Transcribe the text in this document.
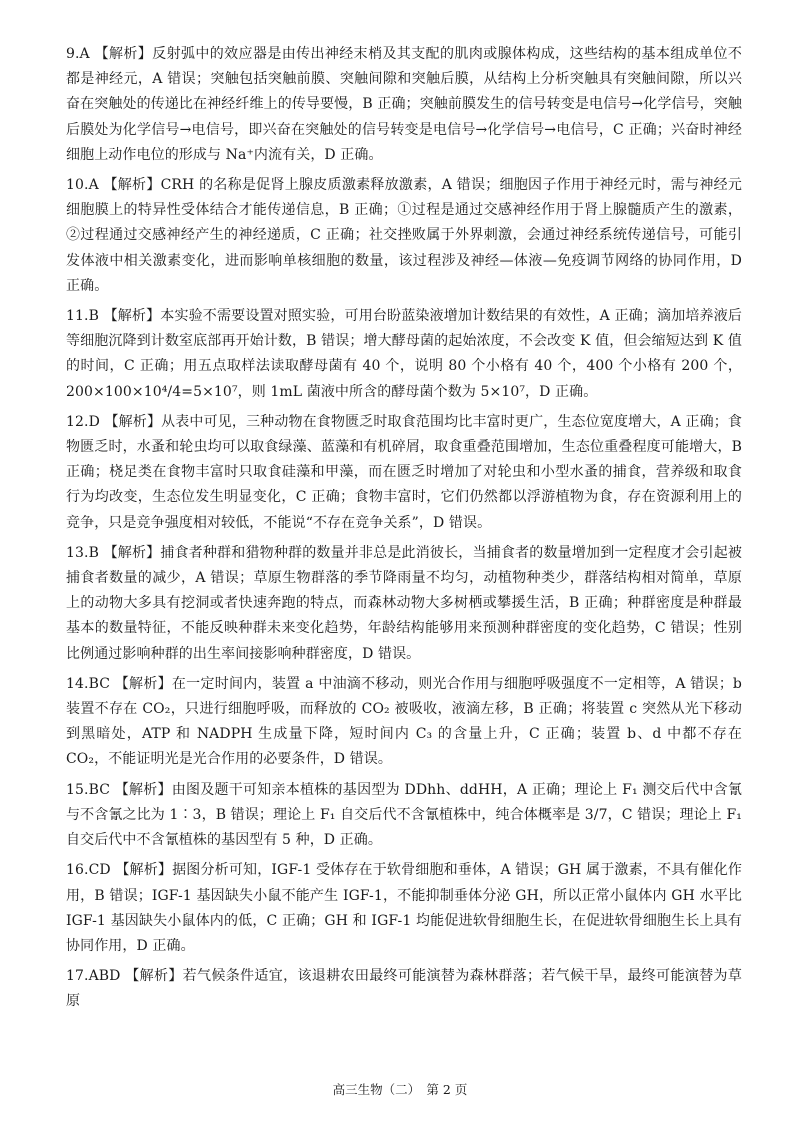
9.A 【解析】反射弧中的效应器是由传出神经末梢及其支配的肌肉或腺体构成，这些结构的基本组成单位不都是神经元，A 错误；突触包括突触前膜、突触间隙和突触后膜，从结构上分析突触具有突触间隙，所以兴奋在突触处的传递比在神经纤维上的传导要慢，B 正确；突触前膜发生的信号转变是电信号→化学信号，突触后膜处为化学信号→电信号，即兴奋在突触处的信号转变是电信号→化学信号→电信号，C 正确；兴奋时神经细胞上动作电位的形成与 Na⁺内流有关，D 正确。

10.A 【解析】CRH 的名称是促肾上腺皮质激素释放激素，A 错误；细胞因子作用于神经元时，需与神经元细胞膜上的特异性受体结合才能传递信息，B 正确；①过程是通过交感神经作用于肾上腺髓质产生的激素，②过程通过交感神经产生的神经递质，C 正确；社交挫败属于外界刺激，会通过神经系统传递信号，可能引发体液中相关激素变化，进而影响单核细胞的数量，该过程涉及神经—体液—免疫调节网络的协同作用，D 正确。

11.B 【解析】本实验不需要设置对照实验，可用台盼蓝染液增加计数结果的有效性，A 正确；滴加培养液后等细胞沉降到计数室底部再开始计数，B 错误；增大酵母菌的起始浓度，不会改变 K 值，但会缩短达到 K 值的时间，C 正确；用五点取样法读取酵母菌有 40 个，说明 80 个小格有 40 个，400 个小格有 200 个，200×100×10⁴/4=5×10⁷，则 1mL 菌液中所含的酵母菌个数为 5×10⁷，D 正确。

12.D 【解析】从表中可见，三种动物在食物匮乏时取食范围均比丰富时更广，生态位宽度增大，A 正确；食物匮乏时，水蚤和轮虫均可以取食绿藻、蓝藻和有机碎屑，取食重叠范围增加，生态位重叠程度可能增大，B 正确；桡足类在食物丰富时只取食硅藻和甲藻，而在匮乏时增加了对轮虫和小型水蚤的捕食，营养级和取食行为均改变，生态位发生明显变化，C 正确；食物丰富时，它们仍然都以浮游植物为食，存在资源利用上的竞争，只是竞争强度相对较低，不能说“不存在竞争关系”，D 错误。

13.B 【解析】捕食者种群和猎物种群的数量并非总是此消彼长，当捕食者的数量增加到一定程度才会引起被捕食者数量的减少，A 错误；草原生物群落的季节降雨量不均匀，动植物种类少，群落结构相对简单，草原上的动物大多具有挖洞或者快速奔跑的特点，而森林动物大多树栖或攀援生活，B 正确；种群密度是种群最基本的数量特征，不能反映种群未来变化趋势，年龄结构能够用来预测种群密度的变化趋势，C 错误；性别比例通过影响种群的出生率间接影响种群密度，D 错误。

14.BC 【解析】在一定时间内，装置 a 中油滴不移动，则光合作用与细胞呼吸强度不一定相等，A 错误；b 装置不存在 CO₂，只进行细胞呼吸，而释放的 CO₂ 被吸收，液滴左移，B 正确；将装置 c 突然从光下移动到黑暗处，ATP 和 NADPH 生成量下降，短时间内 C₃ 的含量上升，C 正确；装置 b、d 中都不存在 CO₂，不能证明光是光合作用的必要条件，D 错误。

15.BC 【解析】由图及题干可知亲本植株的基因型为 DDhh、ddHH，A 正确；理论上 F₁ 测交后代中含氰与不含氰之比为 1∶3，B 错误；理论上 F₁ 自交后代不含氰植株中，纯合体概率是 3/7，C 错误；理论上 F₁ 自交后代中不含氰植株的基因型有 5 种，D 正确。

16.CD 【解析】据图分析可知，IGF-1 受体存在于软骨细胞和垂体，A 错误；GH 属于激素，不具有催化作用，B 错误；IGF-1 基因缺失小鼠不能产生 IGF-1，不能抑制垂体分泌 GH，所以正常小鼠体内 GH 水平比 IGF-1 基因缺失小鼠体内的低，C 正确；GH 和 IGF-1 均能促进软骨细胞生长，在促进软骨细胞生长上具有协同作用，D 正确。

17.ABD 【解析】若气候条件适宜，该退耕农田最终可能演替为森林群落；若气候干旱，最终可能演替为草原

高三生物（二）　第 2 页
